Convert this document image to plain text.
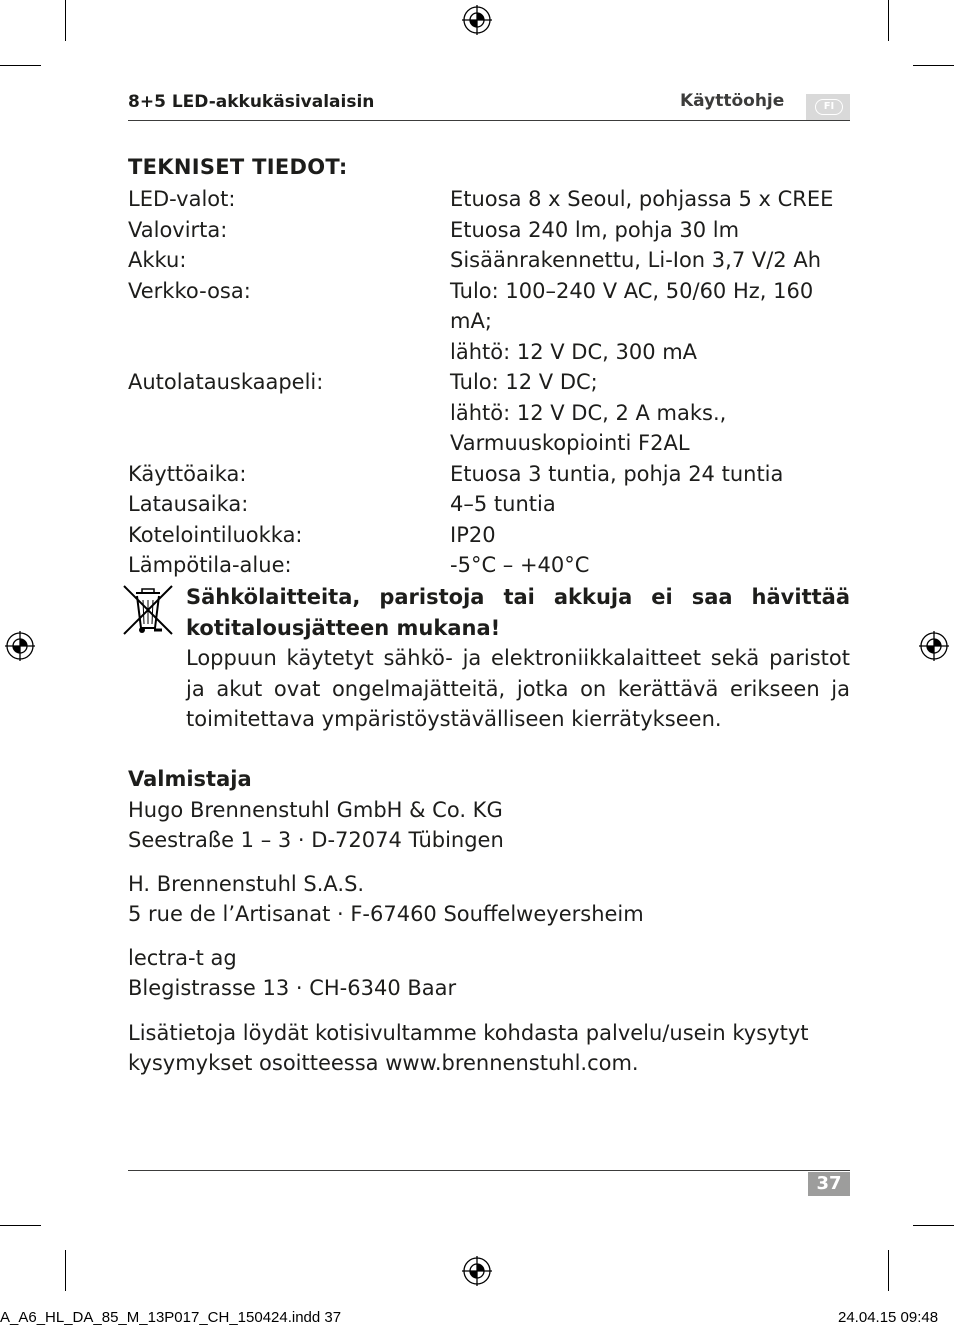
8+5 LED-akkukäsivalaisin	Käyttöohje	FI
TEKNISET TIEDOT:
LED-valot:	Etuosa 8 x Seoul, pohjassa 5 x CREE
Valovirta:	Etuosa 240 lm, pohja 30 lm
Akku:	Sisäänrakennettu, Li-Ion 3,7 V/2 Ah
Verkko-osa:	Tulo: 100–240 V AC, 50/60 Hz, 160 mA;
lähtö: 12 V DC, 300 mA
Autolatauskaapeli:	Tulo: 12 V DC;
lähtö: 12 V DC, 2 A maks.,
Varmuuskopiointi F2AL
Käyttöaika:	Etuosa 3 tuntia, pohja 24 tuntia
Latausaika:	4–5 tuntia
Kotelointiluokka:	IP20
Lämpötila-alue:	-5°C – +40°C
Sähkölaitteita, paristoja tai akkuja ei saa hävittää kotitalousjätteen mukana!
Loppuun käytetyt sähkö- ja elektroniikkalaitteet sekä paristot ja akut ovat ongelmajätteitä, jotka on kerättävä erikseen ja toimitettava ympäristöystävälliseen kierrätykseen.
Valmistaja
Hugo Brennenstuhl GmbH & Co. KG
Seestraße 1 – 3 · D-72074 Tübingen
H. Brennenstuhl S.A.S.
5 rue de l’Artisanat · F-67460 Souffelweyersheim
lectra-t ag
Blegistrasse 13 · CH-6340 Baar
Lisätietoja löydät kotisivultamme kohdasta palvelu/usein kysytyt
kysymykset osoitteessa www.brennenstuhl.com.
37
A_A6_HL_DA_85_M_13P017_CH_150424.indd 37	24.04.15 09:48
